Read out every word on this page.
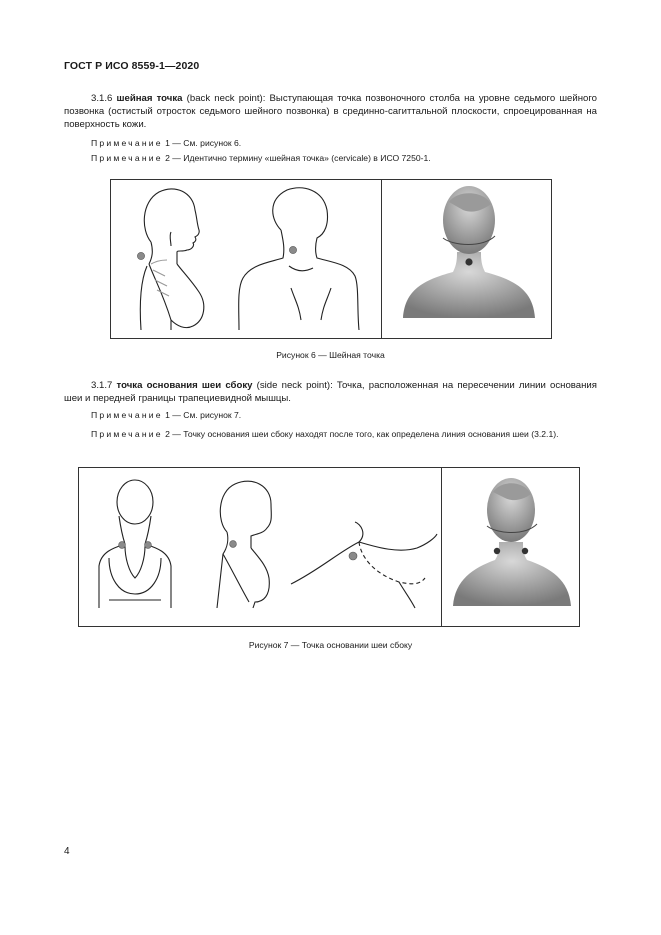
ГОСТ Р ИСО 8559-1—2020
3.1.6 шейная точка (back neck point): Выступающая точка позвоночного столба на уровне седьмого шейного позвонка (остистый отросток седьмого шейного позвонка) в срединно-сагиттальной плоскости, спроецированная на поверхность кожи.
Примечание 1 — См. рисунок 6.
Примечание 2 — Идентично термину «шейная точка» (cervicale) в ИСО 7250-1.
Рисунок 6 — Шейная точка
3.1.7 точка основания шеи сбоку (side neck point): Точка, расположенная на пересечении линии основания шеи и передней границы трапециевидной мышцы.
Примечание 1 — См. рисунок 7.
Примечание 2 — Точку основания шеи сбоку находят после того, как определена линия основания шеи (3.2.1).
Рисунок 7 — Точка основании шеи сбоку
4
